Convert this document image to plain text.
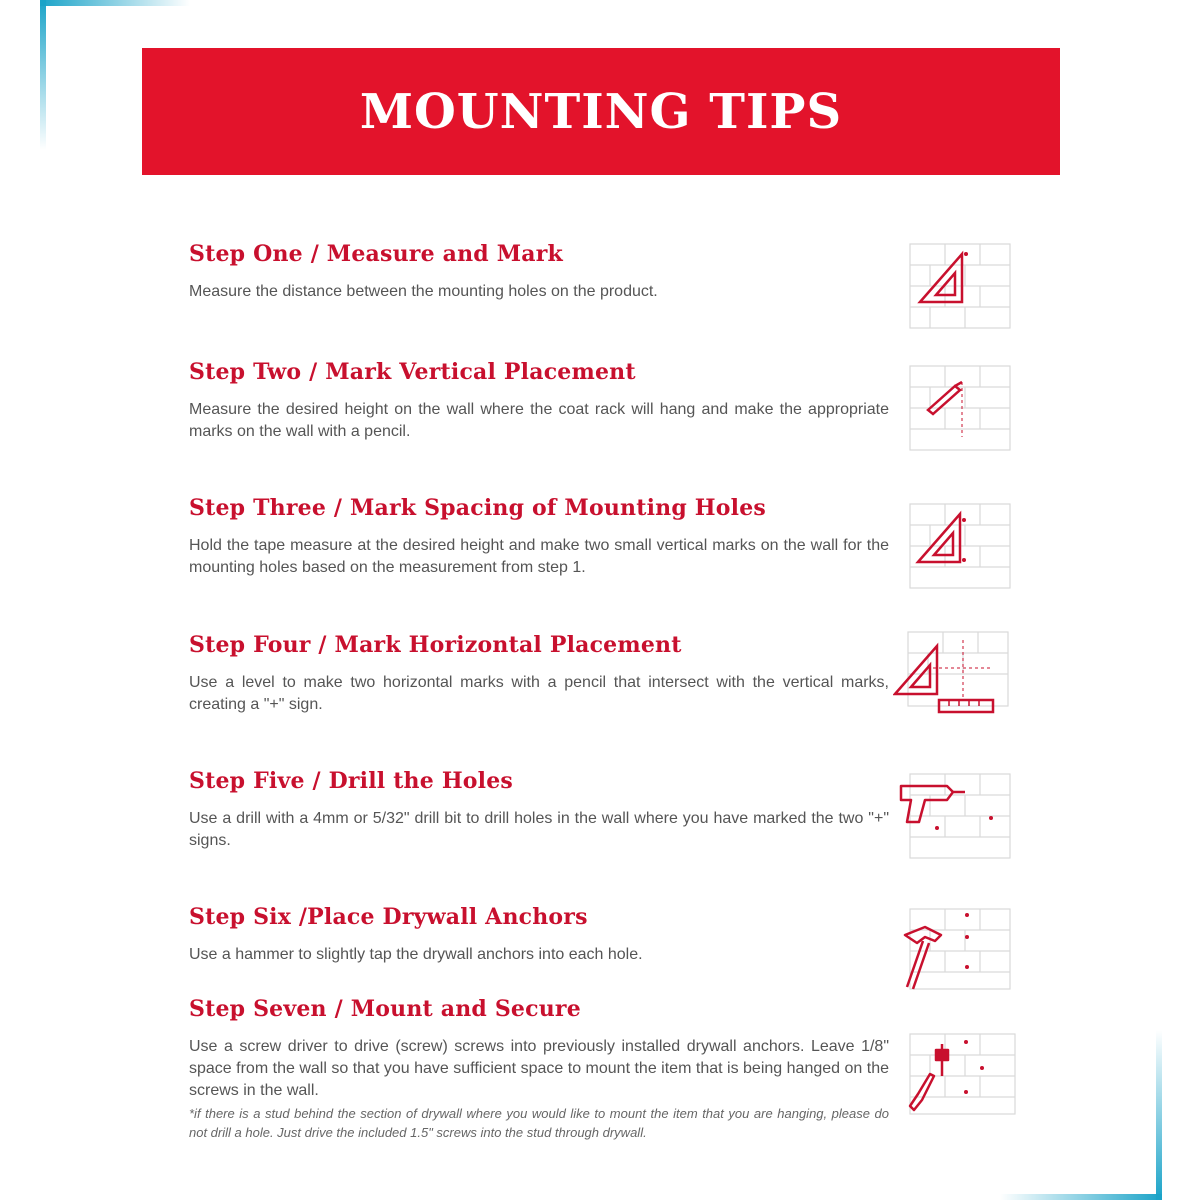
MOUNTING TIPS
Step One / Measure and Mark

Measure the distance between the mounting holes on the product.

Step Two / Mark Vertical Placement

Measure the desired height on the wall where the coat rack will hang and make the appropriate marks on the wall with a pencil.

Step Three / Mark Spacing of Mounting Holes

Hold the tape measure at the desired height and make two small vertical marks on the wall for the mounting holes based on the measurement from step 1.

Step Four / Mark Horizontal Placement

Use a level to make two horizontal marks with a pencil that intersect with the vertical marks, creating a "+" sign.

Step Five / Drill the Holes

Use a drill with a 4mm or 5/32" drill bit to drill holes in the wall where you have marked the two "+" signs.

Step Six /Place Drywall Anchors

Use a hammer to slightly tap the drywall anchors into each hole.

Step Seven / Mount and Secure

Use a screw driver to drive (screw) screws into previously installed drywall anchors. Leave 1/8" space from the wall so that you have sufficient space to mount the item that is being hanged on the screws in the wall.

*if there is a stud behind the section of drywall where you would like to mount the item that you are hanging, please do not drill a hole. Just drive the included 1.5" screws into the stud through drywall.
